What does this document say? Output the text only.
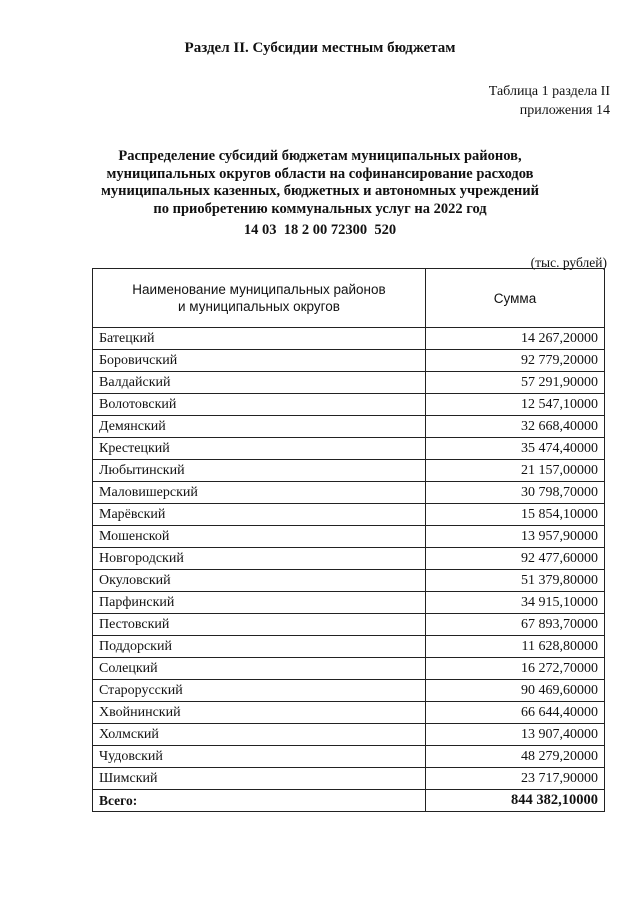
Раздел II. Субсидии местным бюджетам
Таблица 1 раздела II
приложения 14
Распределение субсидий бюджетам муниципальных районов,
муниципальных округов области на софинансирование расходов
муниципальных казенных, бюджетных и автономных учреждений
по приобретению коммунальных услуг на 2022 год
14 03  18 2 00 72300  520
(тыс. рублей)
Наименование муниципальных районов
и муниципальных округов	Сумма
Батецкий	14 267,20000
Боровичский	92 779,20000
Валдайский	57 291,90000
Волотовский	12 547,10000
Демянский	32 668,40000
Крестецкий	35 474,40000
Любытинский	21 157,00000
Маловишерский	30 798,70000
Марёвский	15 854,10000
Мошенской	13 957,90000
Новгородский	92 477,60000
Окуловский	51 379,80000
Парфинский	34 915,10000
Пестовский	67 893,70000
Поддорский	11 628,80000
Солецкий	16 272,70000
Старорусский	90 469,60000
Хвойнинский	66 644,40000
Холмский	13 907,40000
Чудовский	48 279,20000
Шимский	23 717,90000
Всего:	844 382,10000
